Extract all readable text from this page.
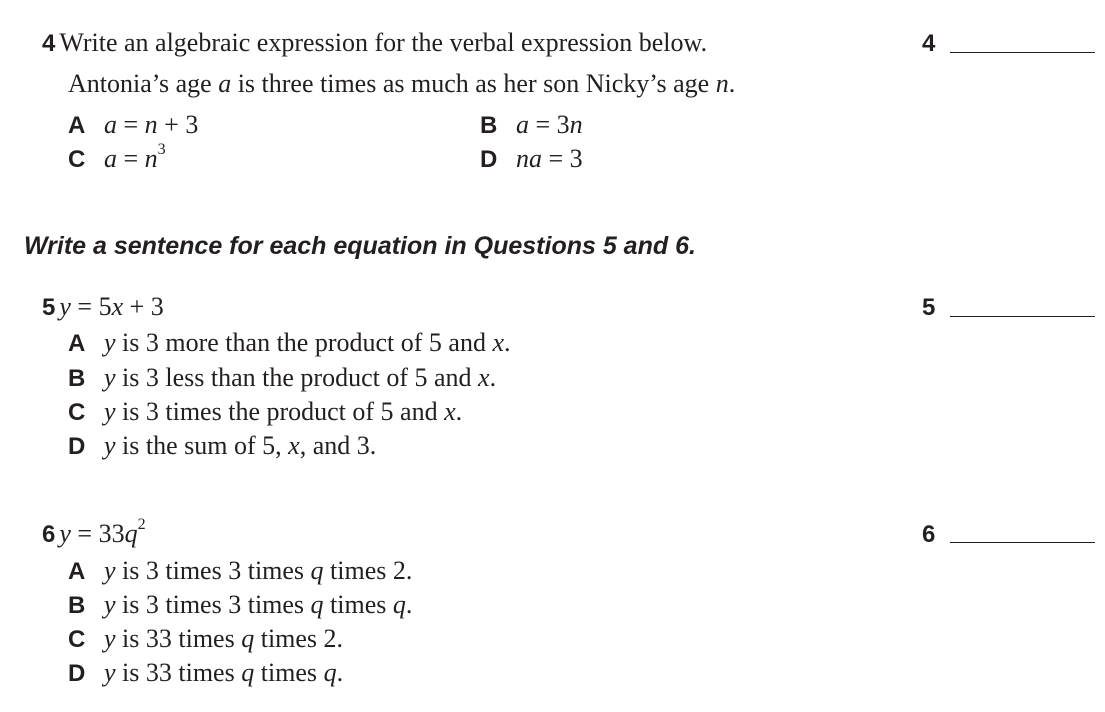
4 Write an algebraic expression for the verbal expression below.
Antonia’s age a is three times as much as her son Nicky’s age n.
A a = n + 3	B a = 3n
C $a = n^3$	D na = 3
4
Write a sentence for each equation in Questions 5 and 6.
5 y = 5x + 3	5
A y is 3 more than the product of 5 and x.
B y is 3 less than the product of 5 and x.
C y is 3 times the product of 5 and x.
D y is the sum of 5, x, and 3.
6 $y = 33q^2$	6
A y is 3 times 3 times q times 2.
B y is 3 times 3 times q times q.
C y is 33 times q times 2.
D y is 33 times q times q.
